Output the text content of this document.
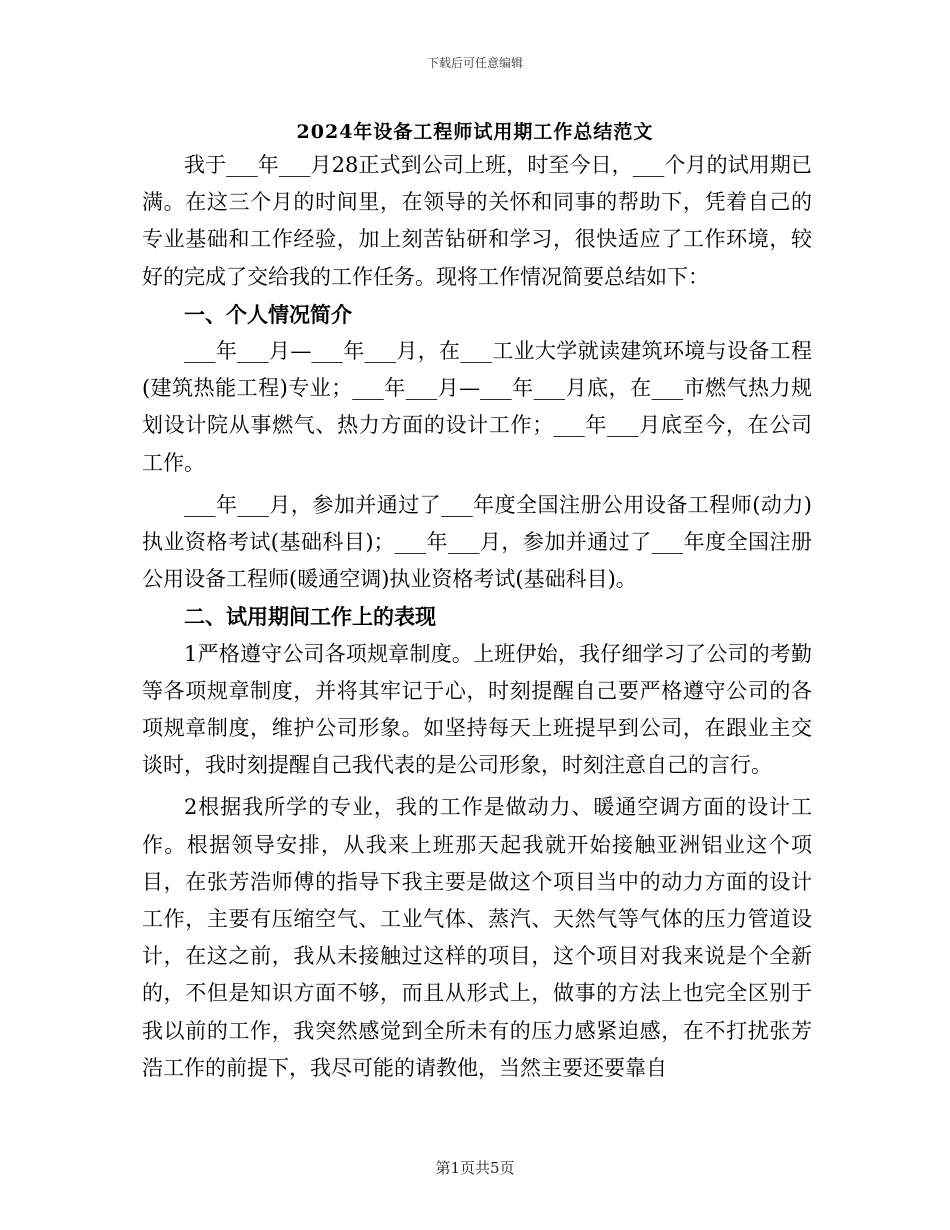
下载后可任意编辑
2024年设备工程师试用期工作总结范文

我于___年___月28正式到公司上班，时至今日，___个月的试用期已满。在这三个月的时间里，在领导的关怀和同事的帮助下，凭着自己的专业基础和工作经验，加上刻苦钻研和学习，很快适应了工作环境，较好的完成了交给我的工作任务。现将工作情况简要总结如下：

一、个人情况简介

___年___月—___年___月，在___工业大学就读建筑环境与设备工程(建筑热能工程)专业；___年___月—___年___月底，在___市燃气热力规划设计院从事燃气、热力方面的设计工作；___年___月底至今，在公司工作。

___年___月，参加并通过了___年度全国注册公用设备工程师(动力)执业资格考试(基础科目)；___年___月，参加并通过了___年度全国注册公用设备工程师(暖通空调)执业资格考试(基础科目)。

二、试用期间工作上的表现

1严格遵守公司各项规章制度。上班伊始，我仔细学习了公司的考勤等各项规章制度，并将其牢记于心，时刻提醒自己要严格遵守公司的各项规章制度，维护公司形象。如坚持每天上班提早到公司，在跟业主交谈时，我时刻提醒自己我代表的是公司形象，时刻注意自己的言行。

2根据我所学的专业，我的工作是做动力、暖通空调方面的设计工作。根据领导安排，从我来上班那天起我就开始接触亚洲铝业这个项目，在张芳浩师傅的指导下我主要是做这个项目当中的动力方面的设计工作，主要有压缩空气、工业气体、蒸汽、天然气等气体的压力管道设计，在这之前，我从未接触过这样的项目，这个项目对我来说是个全新的，不但是知识方面不够，而且从形式上，做事的方法上也完全区别于我以前的工作，我突然感觉到全所未有的压力感紧迫感，在不打扰张芳浩工作的前提下，我尽可能的请教他，当然主要还要靠自

第1页共5页
